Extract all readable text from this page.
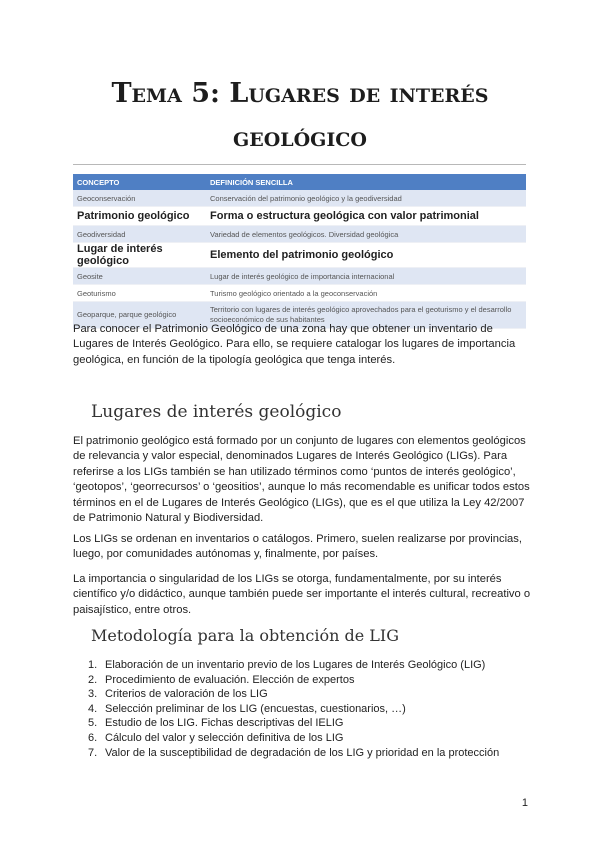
Tema 5: Lugares de interés
geológico
CONCEPTO	DEFINICIÓN SENCILLA
Geoconservación	Conservación del patrimonio geológico y la geodiversidad
Patrimonio geológico	Forma o estructura geológica con valor patrimonial
Geodiversidad	Variedad de elementos geológicos. Diversidad geológica
Lugar de interés geológico	Elemento del patrimonio geológico
Geosite	Lugar de interés geológico de importancia internacional
Geoturismo	Turismo geológico orientado a la geoconservación
Geoparque, parque geológico	Territorio con lugares de interés geológico aprovechados para el geoturismo y el desarrollo socioeconómico de sus habitantes

Para conocer el Patrimonio Geológico de una zona hay que obtener un inventario de Lugares de Interés Geológico. Para ello, se requiere catalogar los lugares de importancia geológica, en función de la tipología geológica que tenga interés.

Lugares de interés geológico

El patrimonio geológico está formado por un conjunto de lugares con elementos geológicos de relevancia y valor especial, denominados Lugares de Interés Geológico (LIGs). Para referirse a los LIGs también se han utilizado términos como ‘puntos de interés geológico’, ‘geotopos’, ‘georrecursos’ o ‘geositios’, aunque lo más recomendable es unificar todos estos términos en el de Lugares de Interés Geológico (LIGs), que es el que utiliza la Ley 42/2007 de Patrimonio Natural y Biodiversidad.

Los LIGs se ordenan en inventarios o catálogos. Primero, suelen realizarse por provincias, luego, por comunidades autónomas y, finalmente, por países.

La importancia o singularidad de los LIGs se otorga, fundamentalmente, por su interés científico y/o didáctico, aunque también puede ser importante el interés cultural, recreativo o paisajístico, entre otros.

Metodología para la obtención de LIG
1. Elaboración de un inventario previo de los Lugares de Interés Geológico (LIG)
2. Procedimiento de evaluación. Elección de expertos
3. Criterios de valoración de los LIG
4. Selección preliminar de los LIG (encuestas, cuestionarios, …)
5. Estudio de los LIG. Fichas descriptivas del IELIG
6. Cálculo del valor y selección definitiva de los LIG
7. Valor de la susceptibilidad de degradación de los LIG y prioridad en la protección
1
